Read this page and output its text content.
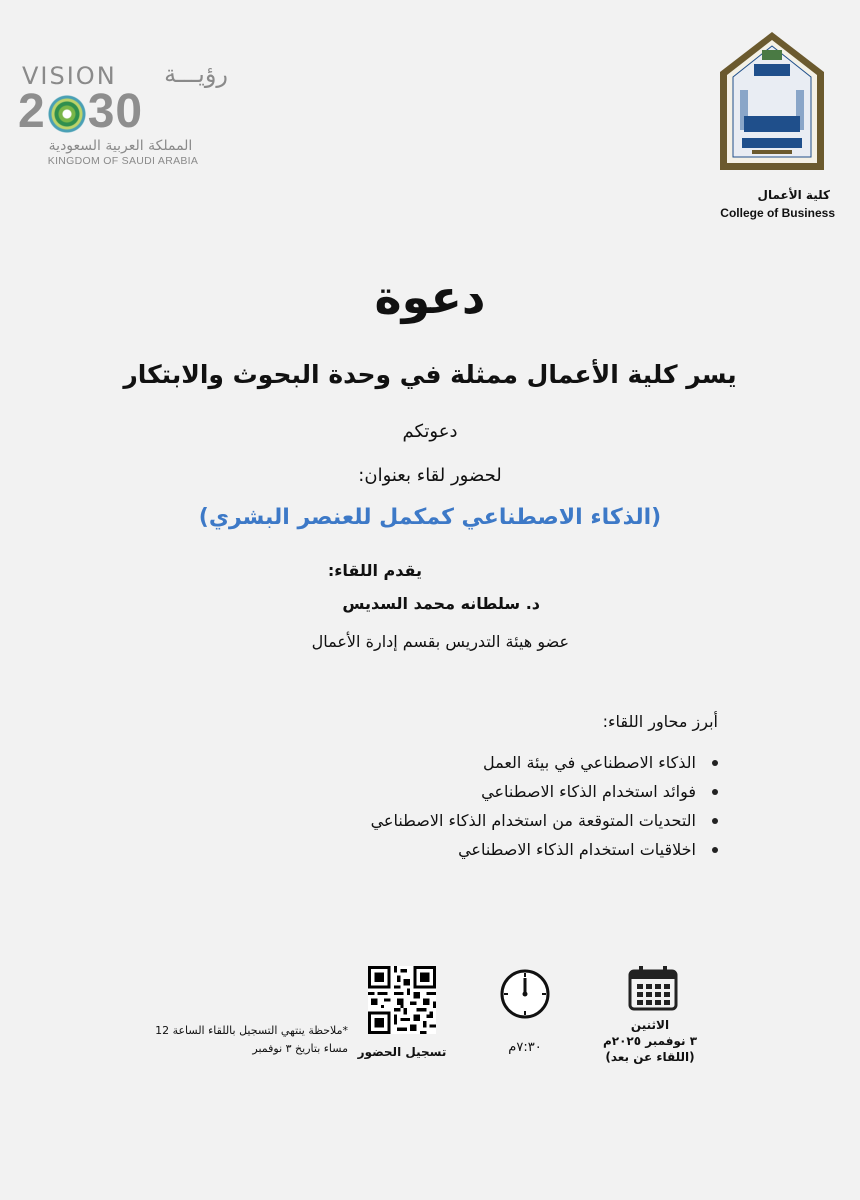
VISION رؤيـــة
2 30
المملكة العربية السعودية
KINGDOM OF SAUDI ARABIA
كلية الأعمال
College of Business
دعوة
يسر كلية الأعمال ممثلة في وحدة البحوث والابتكار
دعوتكم
لحضور لقاء بعنوان:
(الذكاء الاصطناعي كمكمل للعنصر البشري)
يقدم اللقاء:
د. سلطانه محمد السديس
عضو هيئة التدريس بقسم إدارة الأعمال
أبرز محاور اللقاء:
الذكاء الاصطناعي في بيئة العمل
فوائد استخدام الذكاء الاصطناعي
التحديات المتوقعة من استخدام الذكاء الاصطناعي
اخلاقيات استخدام الذكاء الاصطناعي
الاثنين
٣ نوفمبر ٢٠٢٥م
(اللقاء عن بعد)
٧:٣٠م
تسجيل الحضور
*ملاحظة ينتهي التسجيل باللقاء الساعة 12
مساء بتاريخ ٣ نوفمبر
